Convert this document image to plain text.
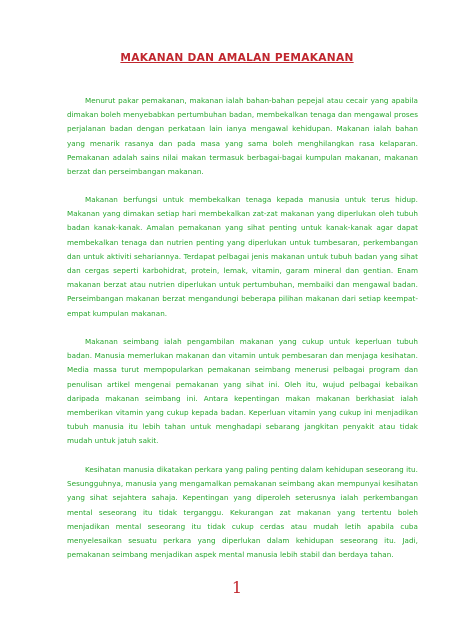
MAKANAN DAN AMALAN PEMAKANAN

Menurut pakar pemakanan, makanan ialah bahan-bahan pepejal atau cecair yang apabila dimakan boleh menyebabkan pertumbuhan badan, membekalkan tenaga dan mengawal proses perjalanan badan dengan perkataan lain ianya mengawal kehidupan. Makanan ialah bahan yang menarik rasanya dan pada masa yang sama boleh menghilangkan rasa kelaparan. Pemakanan adalah sains nilai makan termasuk berbagai-bagai kumpulan makanan, makanan berzat dan perseimbangan makanan.

Makanan berfungsi untuk membekalkan tenaga kepada manusia untuk terus hidup. Makanan yang dimakan setiap hari membekalkan zat-zat makanan yang diperlukan oleh tubuh badan kanak-kanak. Amalan pemakanan yang sihat penting untuk kanak-kanak agar dapat membekalkan tenaga dan nutrien penting yang diperlukan untuk tumbesaran, perkembangan dan untuk aktiviti sehariannya. Terdapat pelbagai jenis makanan untuk tubuh badan yang sihat dan cergas seperti karbohidrat, protein, lemak, vitamin, garam mineral dan gentian. Enam makanan berzat atau nutrien diperlukan untuk pertumbuhan, membaiki dan mengawal badan. Perseimbangan makanan berzat mengandungi beberapa pilihan makanan dari setiap keempat-empat kumpulan makanan.

Makanan seimbang ialah pengambilan makanan yang cukup untuk keperluan tubuh badan. Manusia memerlukan makanan dan vitamin untuk pembesaran dan menjaga kesihatan. Media massa turut mempopularkan pemakanan seimbang menerusi pelbagai program dan penulisan artikel mengenai pemakanan yang sihat ini. Oleh itu, wujud pelbagai kebaikan daripada makanan seimbang ini. Antara kepentingan makan makanan berkhasiat ialah memberikan vitamin yang cukup kepada badan. Keperluan vitamin yang cukup ini menjadikan tubuh manusia itu lebih tahan untuk menghadapi sebarang jangkitan penyakit atau tidak mudah untuk jatuh sakit.

Kesihatan manusia dikatakan perkara yang paling penting dalam kehidupan seseorang itu. Sesungguhnya, manusia yang mengamalkan pemakanan seimbang akan mempunyai kesihatan yang sihat sejahtera sahaja. Kepentingan yang diperoleh seterusnya ialah perkembangan mental seseorang itu tidak terganggu. Kekurangan zat makanan yang tertentu boleh menjadikan mental seseorang itu tidak cukup cerdas atau mudah letih apabila cuba menyelesaikan sesuatu perkara yang diperlukan dalam kehidupan seseorang itu. Jadi, pemakanan seimbang menjadikan aspek mental manusia lebih stabil dan berdaya tahan.

1
